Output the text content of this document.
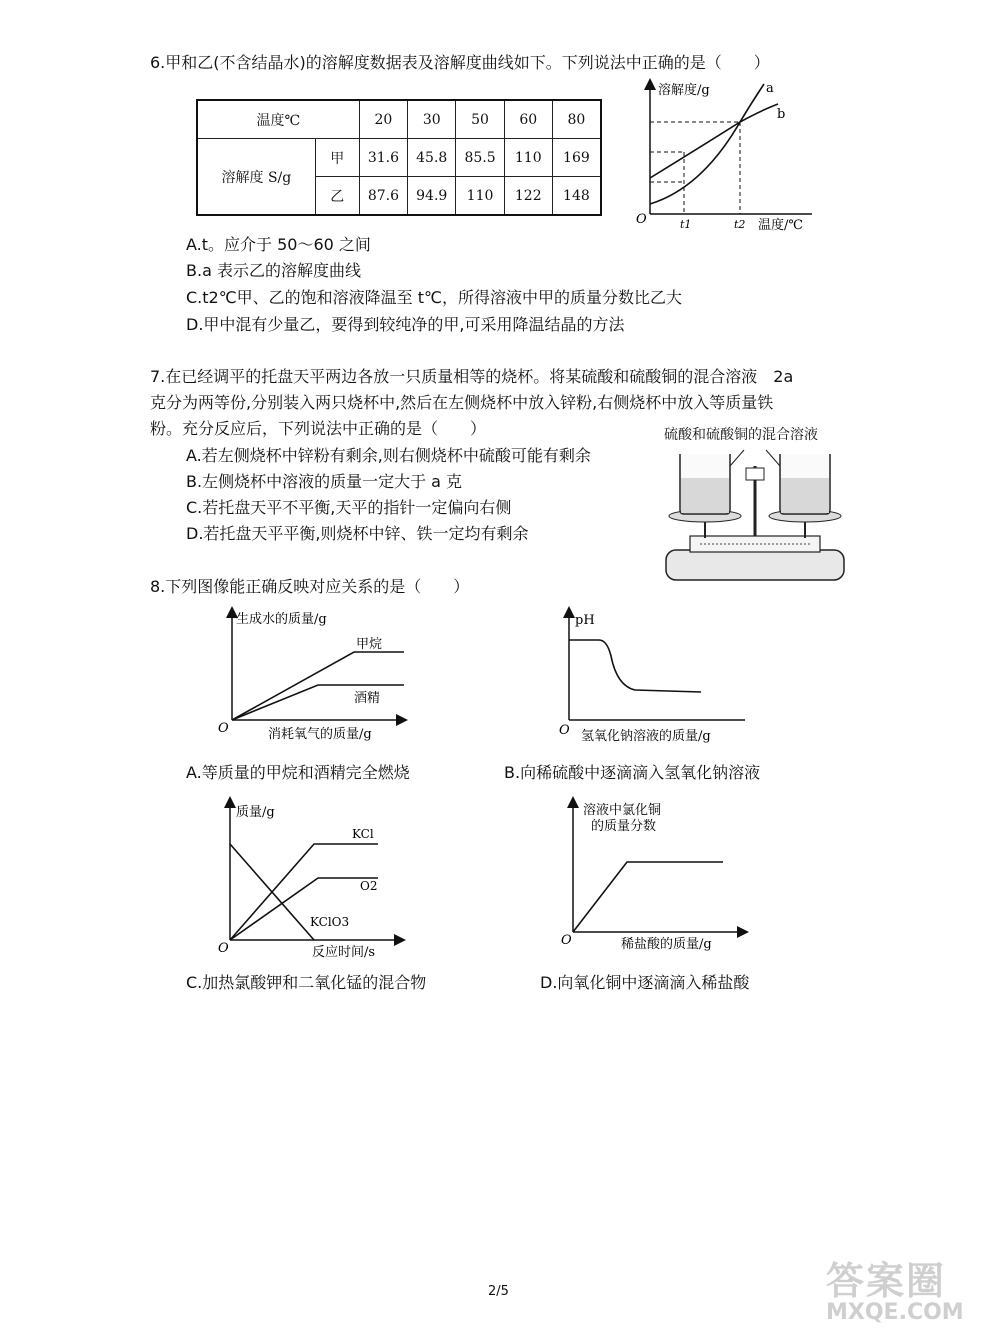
6.甲和乙(不含结晶水)的溶解度数据表及溶解度曲线如下。下列说法中正确的是（　　）
温度℃		20	30	50	60	80
溶解度 S/g	甲	31.6	45.8	85.5	110	169
	乙	87.6	94.9	110	122	148
溶解度/g
O	t1	t2 温度/℃
a
b
A.t。应介于 50～60 之间
B.a 表示乙的溶解度曲线
C.t2℃甲、乙的饱和溶液降温至 t℃，所得溶液中甲的质量分数比乙大
D.甲中混有少量乙，要得到较纯净的甲,可采用降温结晶的方法
7.在已经调平的托盘天平两边各放一只质量相等的烧杯。将某硫酸和硫酸铜的混合溶液　2a
克分为两等份,分别装入两只烧杯中,然后在左侧烧杯中放入锌粉,右侧烧杯中放入等质量铁
粉。充分反应后，下列说法中正确的是（　　）
A.若左侧烧杯中锌粉有剩余,则右侧烧杯中硫酸可能有剩余
B.左侧烧杯中溶液的质量一定大于 a 克
C.若托盘天平不平衡,天平的指针一定偏向右侧
D.若托盘天平平衡,则烧杯中锌、铁一定均有剩余
硫酸和硫酸铜的混合溶液
8.下列图像能正确反映对应关系的是（　　）
生成水的质量/g
O	消耗氧气的质量/g
甲烷
酒精
A.等质量的甲烷和酒精完全燃烧
pH
O 氢氧化钠溶液的质量/g
B.向稀硫酸中逐滴滴入氢氧化钠溶液
质量/g
O	反应时间/s
KCl
O2
KClO3
C.加热氯酸钾和二氧化锰的混合物
溶液中氯化铜
的质量分数
O	稀盐酸的质量/g
D.向氧化铜中逐滴滴入稀盐酸
2/5	答案圈
MXQE.COM
